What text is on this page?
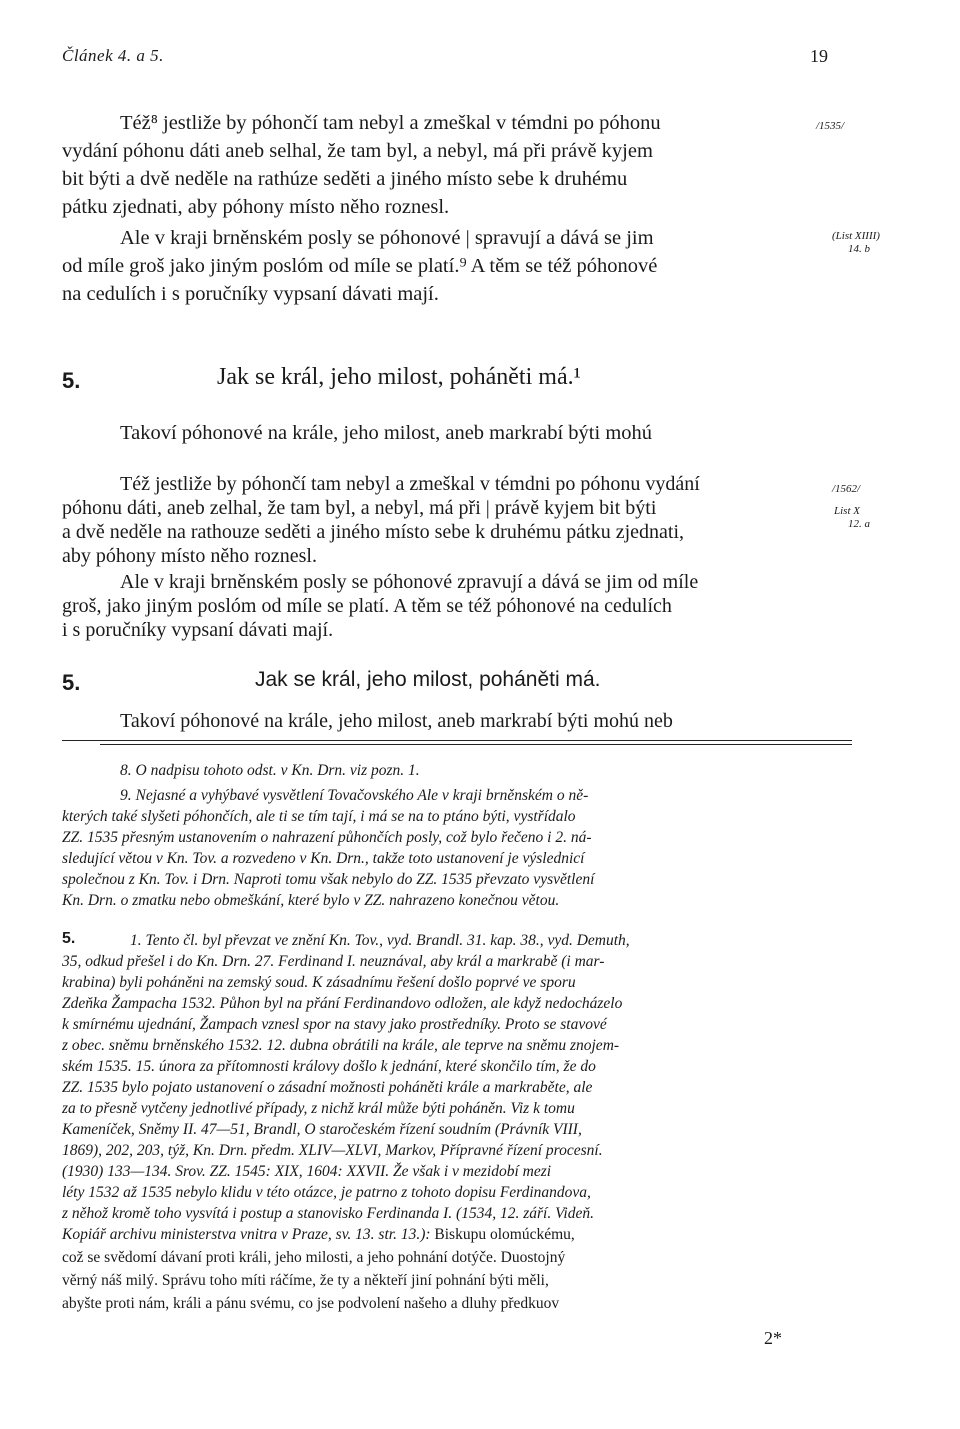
Článek 4. a 5.	19
Též⁸ jestliže by póhončí tam nebyl a zmeškal v témdni po póhonu
vydání póhonu dáti aneb selhal, že tam byl, a nebyl, má při právě kyjem
bit býti a dvě neděle na rathúze seděti a jiného místo sebe k druhému
pátku zjednati, aby póhony místo něho roznesl.
Ale v kraji brněnském posly se póhonové | spravují a dává se jim
od míle groš jako jiným poslóm od míle se platí.⁹ A těm se též póhonové
na cedulích i s poručníky vypsaní dávati mají.
/1535/
(List XIIII)
14. b
5.	Jak se král, jeho milost, poháněti má.¹
Takoví póhonové na krále, jeho milost, aneb markrabí býti mohú
Též jestliže by póhončí tam nebyl a zmeškal v témdni po póhonu vydání
póhonu dáti, aneb zelhal, že tam byl, a nebyl, má při | právě kyjem bit býti
a dvě neděle na rathouze seděti a jiného místo sebe k druhému pátku zjednati,
aby póhony místo něho roznesl.
Ale v kraji brněnském posly se póhonové zpravují a dává se jim od míle
groš, jako jiným poslóm od míle se platí. A těm se též póhonové na cedulích
i s poručníky vypsaní dávati mají.
/1562/
List X
12. a
5.	Jak se král, jeho milost, poháněti má.
Takoví póhonové na krále, jeho milost, aneb markrabí býti mohú neb
8. O nadpisu tohoto odst. v Kn. Drn. viz pozn. 1.
9. Nejasné a vyhýbavé vysvětlení Tovačovského Ale v kraji brněnském o ně-
kterých také slyšeti póhončích, ale ti se tím tají, i má se na to ptáno býti, vystřídalo
ZZ. 1535 přesným ustanovením o nahrazení půhončích posly, což bylo řečeno i 2. ná-
sledující větou v Kn. Tov. a rozvedeno v Kn. Drn., takže toto ustanovení je výslednicí
společnou z Kn. Tov. i Drn. Naproti tomu však nebylo do ZZ. 1535 převzato vysvětlení
Kn. Drn. o zmatku nebo obmeškání, které bylo v ZZ. nahrazeno konečnou větou.
5.	1. Tento čl. byl převzat ve znění Kn. Tov., vyd. Brandl. 31. kap. 38., vyd. Demuth,
35, odkud přešel i do Kn. Drn. 27. Ferdinand I. neuznával, aby král a markrabě (i mar-
krabina) byli poháněni na zemský soud. K zásadnímu řešení došlo poprvé ve sporu
Zdeňka Žampacha 1532. Půhon byl na přání Ferdinandovo odložen, ale když nedocházelo
k smírnému ujednání, Žampach vznesl spor na stavy jako prostředníky. Proto se stavové
z obec. sněmu brněnského 1532. 12. dubna obrátili na krále, ale teprve na sněmu znojem-
ském 1535. 15. února za přítomnosti královy došlo k jednání, které skončilo tím, že do
ZZ. 1535 bylo pojato ustanovení o zásadní možnosti poháněti krále a markraběte, ale
za to přesně vytčeny jednotlivé případy, z nichž král může býti poháněn. Viz k tomu
Kameníček, Sněmy II. 47—51, Brandl, O staročeském řízení soudním (Právník VIII,
1869), 202, 203, týž, Kn. Drn. předm. XLIV—XLVI, Markov, Přípravné řízení procesní.
(1930) 133—134. Srov. ZZ. 1545: XIX, 1604: XXVII. Že však i v mezidobí mezi
léty 1532 až 1535 nebylo klidu v této otázce, je patrno z tohoto dopisu Ferdinandova,
z něhož kromě toho vysvítá i postup a stanovisko Ferdinanda I. (1534, 12. září. Videň.
Kopiář archivu ministerstva vnitra v Praze, sv. 13. str. 13.): Biskupu olomúckému,
což se svědomí dávaní proti králi, jeho milosti, a jeho pohnání dotýče. Duostojný
věrný náš milý. Správu toho míti ráčíme, že ty a někteří jiní pohnání býti měli,
abyšte proti nám, králi a pánu svému, co jse podvolení našeho a dluhy předkuov
2*
